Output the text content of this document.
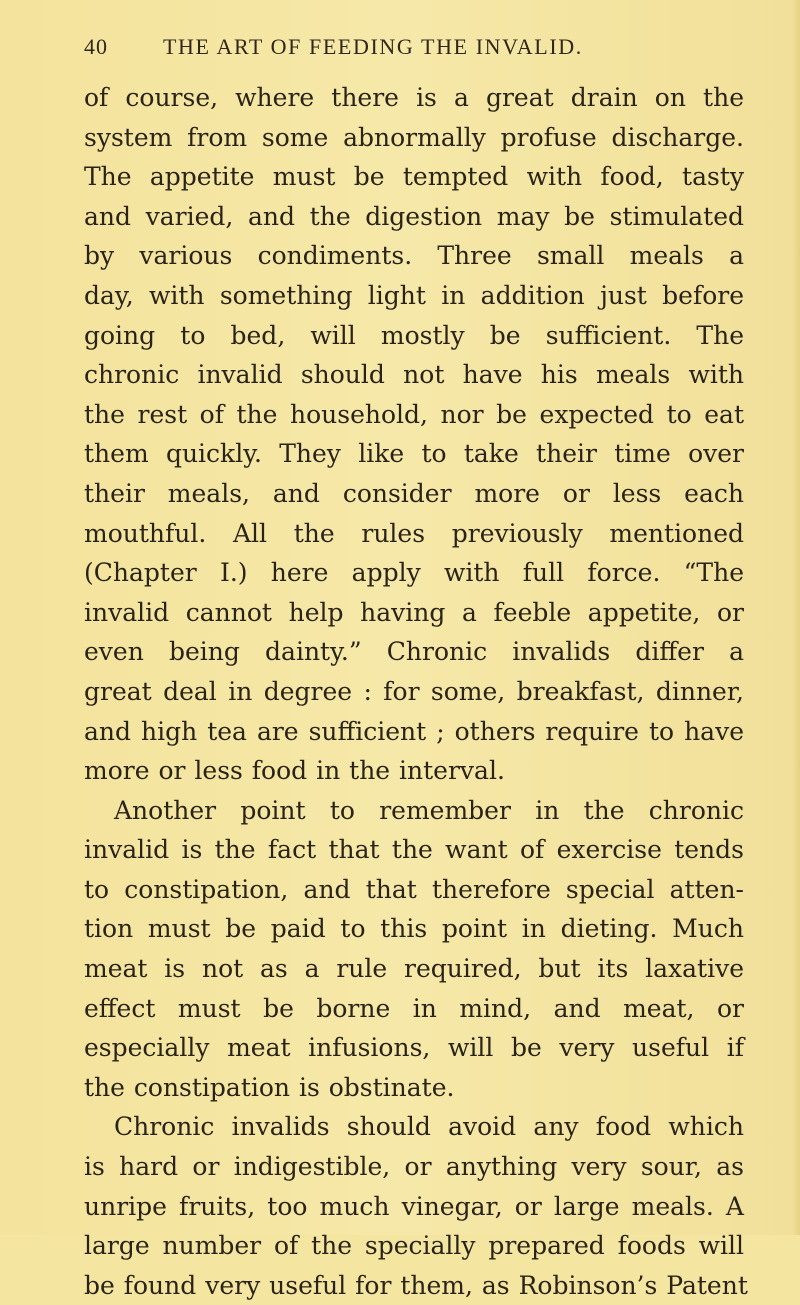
40	THE ART OF FEEDING THE INVALID.
of course, where there is a great drain on the
system from some abnormally profuse discharge.
The appetite must be tempted with food, tasty
and varied, and the digestion may be stimulated
by various condiments. Three small meals a
day, with something light in addition just before
going to bed, will mostly be sufficient. The
chronic invalid should not have his meals with
the rest of the household, nor be expected to eat
them quickly. They like to take their time over
their meals, and consider more or less each
mouthful. All the rules previously mentioned
(Chapter I.) here apply with full force. “The
invalid cannot help having a feeble appetite, or
even being dainty.” Chronic invalids differ a
great deal in degree : for some, breakfast, dinner,
and high tea are sufficient ; others require to have
more or less food in the interval.
Another point to remember in the chronic
invalid is the fact that the want of exercise tends
to constipation, and that therefore special atten-
tion must be paid to this point in dieting. Much
meat is not as a rule required, but its laxative
effect must be borne in mind, and meat, or
especially meat infusions, will be very useful if
the constipation is obstinate.
Chronic invalids should avoid any food which
is hard or indigestible, or anything very sour, as
unripe fruits, too much vinegar, or large meals. A
large number of the specially prepared foods will
be found very useful for them, as Robinson’s Patent
